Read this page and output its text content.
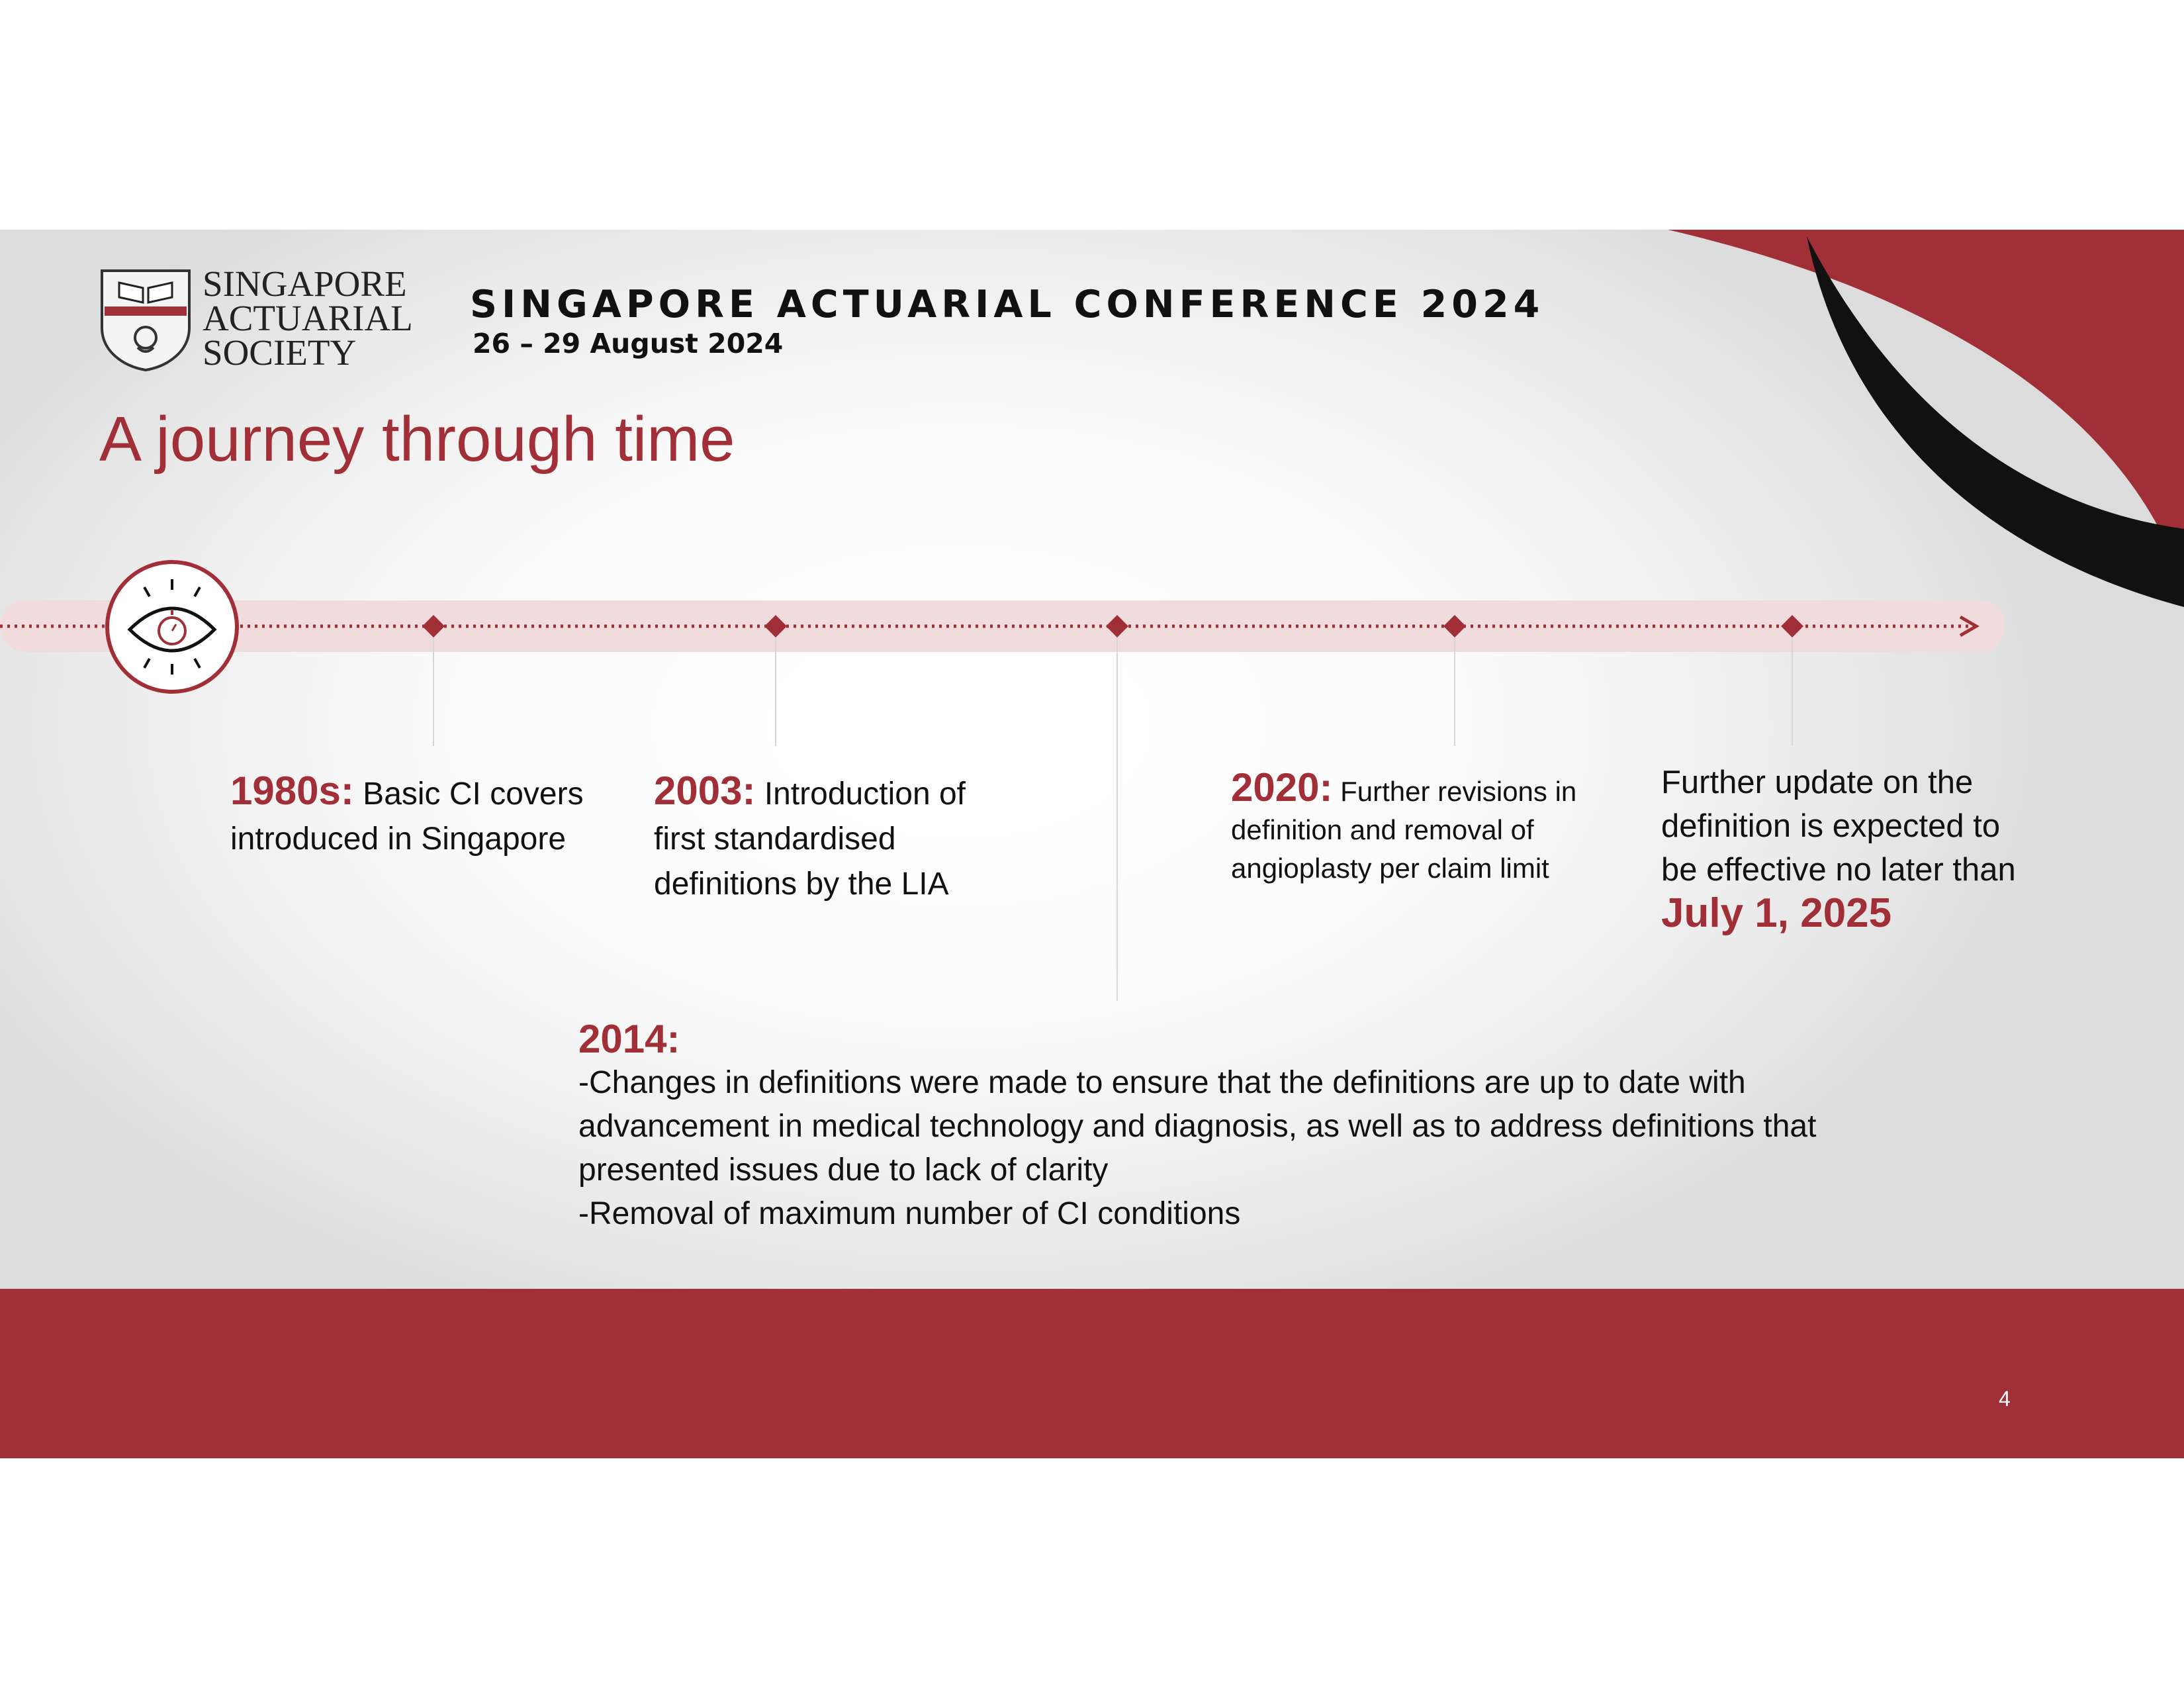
SINGAPORE
ACTUARIAL
SOCIETY
SINGAPORE ACTUARIAL CONFERENCE 2024
26 – 29 August 2024
A journey through time
1980s: Basic CI covers introduced in Singapore
2003: Introduction of first standardised definitions by the LIA
2020: Further revisions in definition and removal of angioplasty per claim limit
Further update on the definition is expected to be effective no later than July 1, 2025
2014:
-Changes in definitions were made to ensure that the definitions are up to date with advancement in medical technology and diagnosis, as well as to address definitions that presented issues due to lack of clarity
-Removal of maximum number of CI conditions
4
